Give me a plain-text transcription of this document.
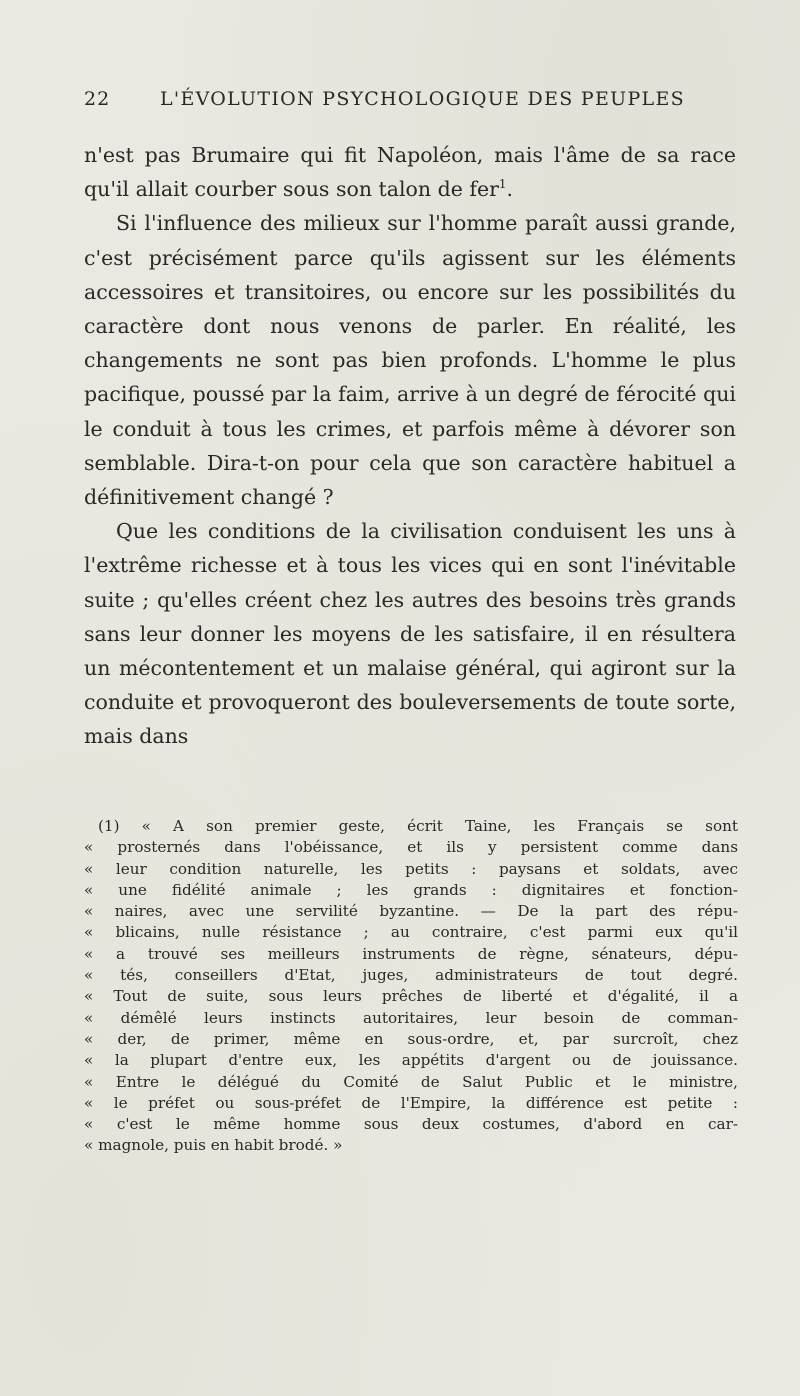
22	L'ÉVOLUTION PSYCHOLOGIQUE DES PEUPLES

n'est pas Brumaire qui fit Napoléon, mais l'âme de sa race qu'il allait courber sous son talon de fer$^1$.

Si l'influence des milieux sur l'homme paraît aussi grande, c'est précisément parce qu'ils agissent sur les éléments accessoires et transitoires, ou encore sur les possibilités du caractère dont nous venons de parler. En réalité, les changements ne sont pas bien profonds. L'homme le plus pacifique, poussé par la faim, arrive à un degré de férocité qui le conduit à tous les crimes, et parfois même à dévorer son semblable. Dira-t-on pour cela que son caractère habituel a définitivement changé ?

Que les conditions de la civilisation conduisent les uns à l'extrême richesse et à tous les vices qui en sont l'inévitable suite ; qu'elles créent chez les autres des besoins très grands sans leur donner les moyens de les satisfaire, il en résultera un mécontentement et un malaise général, qui agiront sur la conduite et provoqueront des bouleversements de toute sorte, mais dans

(1) « A son premier geste, écrit Taine, les Français se sont
« prosternés dans l'obéissance, et ils y persistent comme dans
« leur condition naturelle, les petits : paysans et soldats, avec
« une fidélité animale ; les grands : dignitaires et fonction-
« naires, avec une servilité byzantine. — De la part des répu-
« blicains, nulle résistance ; au contraire, c'est parmi eux qu'il
« a trouvé ses meilleurs instruments de règne, sénateurs, dépu-
« tés, conseillers d'Etat, juges, administrateurs de tout degré.
« Tout de suite, sous leurs prêches de liberté et d'égalité, il a
« démêlé leurs instincts autoritaires, leur besoin de comman-
« der, de primer, même en sous-ordre, et, par surcroît, chez
« la plupart d'entre eux, les appétits d'argent ou de jouissance.
« Entre le délégué du Comité de Salut Public et le ministre,
« le préfet ou sous-préfet de l'Empire, la différence est petite :
« c'est le même homme sous deux costumes, d'abord en car-
« magnole, puis en habit brodé. »
